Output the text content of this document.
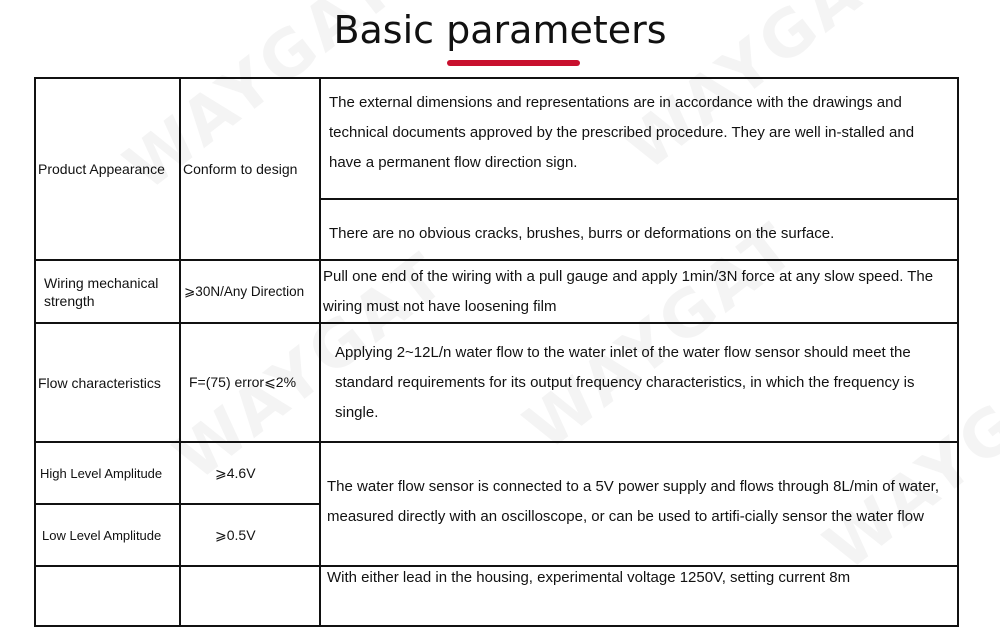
Basic parameters
Product Appearance	Conform to design	The external dimensions and representations are in accordance with the drawings and technical documents approved by the prescribed procedure. They are well in-stalled and have a permanent flow direction sign.

		There are no obvious cracks, brushes, burrs or deformations on the surface.

Wiring mechanical strength	⩾30N/Any Direction	Pull one end of the wiring with a pull gauge and apply 1min/3N force at any slow speed. The wiring must not have loosening film

Flow characteristics	F=(75) error⩽2%	Applying 2~12L/n water flow to the water inlet of the water flow sensor should meet the standard requirements for its output frequency characteristics, in which the frequency is single.

High Level Amplitude	⩾4.6V	The water flow sensor is connected to a 5V power supply and flows through 8L/min of water, measured directly with an oscilloscope, or can be used to artifi-cially sensor the water flow

Low Level Amplitude	⩾0.5V	

		With either lead in the housing, experimental voltage 1250V, setting current 8m
